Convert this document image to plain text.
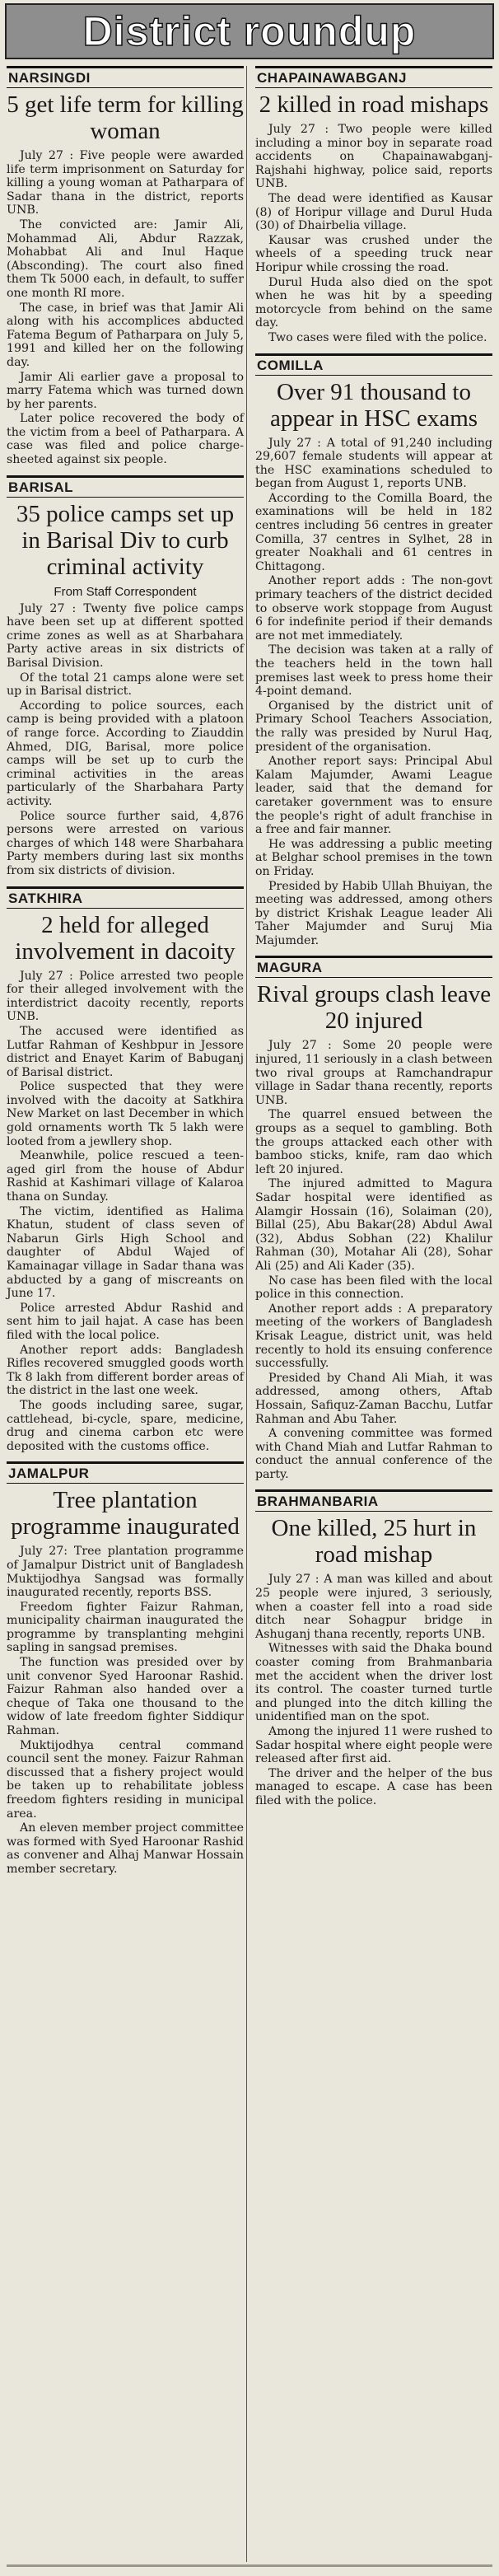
District roundup
NARSINGDI
5 get life term for killing woman

July 27 : Five people were awarded life term imprisonment on Saturday for killing a young woman at Patharpara of Sadar thana in the district, reports UNB.

The convicted are: Jamir Ali, Mohammad Ali, Abdur Razzak, Mohabbat Ali and Inul Haque (Absconding). The court also fined them Tk 5000 each, in default, to suffer one month RI more.

The case, in brief was that Jamir Ali along with his accomplices abducted Fatema Begum of Patharpara on July 5, 1991 and killed her on the following day.

Jamir Ali earlier gave a proposal to marry Fatema which was turned down by her parents.

Later police recovered the body of the victim from a beel of Patharpara. A case was filed and police charge-sheeted against six people.

BARISAL
35 police camps set up in Barisal Div to curb criminal activity
From Staff Correspondent

July 27 : Twenty five police camps have been set up at different spotted crime zones as well as at Sharbahara Party active areas in six districts of Barisal Division.

Of the total 21 camps alone were set up in Barisal district.

According to police sources, each camp is being provided with a platoon of range force. According to Ziauddin Ahmed, DIG, Barisal, more police camps will be set up to curb the criminal activities in the areas particularly of the Sharbahara Party activity.

Police source further said, 4,876 persons were arrested on various charges of which 148 were Sharbahara Party members during last six months from six districts of division.

SATKHIRA
2 held for alleged involvement in dacoity

July 27 : Police arrested two people for their alleged involvement with the interdistrict dacoity recently, reports UNB.

The accused were identified as Lutfar Rahman of Keshbpur in Jessore district and Enayet Karim of Babuganj of Barisal district.

Police suspected that they were involved with the dacoity at Satkhira New Market on last December in which gold ornaments worth Tk 5 lakh were looted from a jewllery shop.

Meanwhile, police rescued a teen-aged girl from the house of Abdur Rashid at Kashimari village of Kalaroa thana on Sunday.

The victim, identified as Halima Khatun, student of class seven of Nabarun Girls High School and daughter of Abdul Wajed of Kamainagar village in Sadar thana was abducted by a gang of miscreants on June 17.

Police arrested Abdur Rashid and sent him to jail hajat. A case has been filed with the local police.

Another report adds: Bangladesh Rifles recovered smuggled goods worth Tk 8 lakh from different border areas of the district in the last one week.

The goods including saree, sugar, cattlehead, bi-cycle, spare, medicine, drug and cinema carbon etc were deposited with the customs office.

JAMALPUR
Tree plantation programme inaugurated

July 27: Tree plantation programme of Jamalpur District unit of Bangladesh Muktijodhya Sangsad was formally inaugurated recently, reports BSS.

Freedom fighter Faizur Rahman, municipality chairman inaugurated the programme by transplanting mehgini sapling in sangsad premises.

The function was presided over by unit convenor Syed Haroonar Rashid. Faizur Rahman also handed over a cheque of Taka one thousand to the widow of late freedom fighter Siddiqur Rahman.

Muktijodhya central command council sent the money. Faizur Rahman discussed that a fishery project would be taken up to rehabilitate jobless freedom fighters residing in municipal area.

An eleven member project committee was formed with Syed Haroonar Rashid as convener and Alhaj Manwar Hossain member secretary.

CHAPAINAWABGANJ
2 killed in road mishaps

July 27 : Two people were killed including a minor boy in separate road accidents on Chapainawabganj-Rajshahi highway, police said, reports UNB.

The dead were identified as Kausar (8) of Horipur village and Durul Huda (30) of Dhairbelia village.

Kausar was crushed under the wheels of a speeding truck near Horipur while crossing the road.

Durul Huda also died on the spot when he was hit by a speeding motorcycle from behind on the same day.

Two cases were filed with the police.

COMILLA
Over 91 thousand to appear in HSC exams

July 27 : A total of 91,240 including 29,607 female students will appear at the HSC examinations scheduled to began from August 1, reports UNB.

According to the Comilla Board, the examinations will be held in 182 centres including 56 centres in greater Comilla, 37 centres in Sylhet, 28 in greater Noakhali and 61 centres in Chittagong.

Another report adds : The non-govt primary teachers of the district decided to observe work stoppage from August 6 for indefinite period if their demands are not met immediately.

The decision was taken at a rally of the teachers held in the town hall premises last week to press home their 4-point demand.

Organised by the district unit of Primary School Teachers Association, the rally was presided by Nurul Haq, president of the organisation.

Another report says: Principal Abul Kalam Majumder, Awami League leader, said that the demand for caretaker government was to ensure the people's right of adult franchise in a free and fair manner.

He was addressing a public meeting at Belghar school premises in the town on Friday.

Presided by Habib Ullah Bhuiyan, the meeting was addressed, among others by district Krishak League leader Ali Taher Majumder and Suruj Mia Majumder.

MAGURA
Rival groups clash leave 20 injured

July 27 : Some 20 people were injured, 11 seriously in a clash between two rival groups at Ramchandrapur village in Sadar thana recently, reports UNB.

The quarrel ensued between the groups as a sequel to gambling. Both the groups attacked each other with bamboo sticks, knife, ram dao which left 20 injured.

The injured admitted to Magura Sadar hospital were identified as Alamgir Hossain (16), Solaiman (20), Billal (25), Abu Bakar(28) Abdul Awal (32), Abdus Sobhan (22) Khalilur Rahman (30), Motahar Ali (28), Sohar Ali (25) and Ali Kader (35).

No case has been filed with the local police in this connection.

Another report adds : A preparatory meeting of the workers of Bangladesh Krisak League, district unit, was held recently to hold its ensuing conference successfully.

Presided by Chand Ali Miah, it was addressed, among others, Aftab Hossain, Safiquz-Zaman Bacchu, Lutfar Rahman and Abu Taher.

A convening committee was formed with Chand Miah and Lutfar Rahman to conduct the annual conference of the party.

BRAHMANBARIA
One killed, 25 hurt in road mishap

July 27 : A man was killed and about 25 people were injured, 3 seriously, when a coaster fell into a road side ditch near Sohagpur bridge in Ashuganj thana recently, reports UNB.

Witnesses with said the Dhaka bound coaster coming from Brahmanbaria met the accident when the driver lost its control. The coaster turned turtle and plunged into the ditch killing the unidentified man on the spot.

Among the injured 11 were rushed to Sadar hospital where eight people were released after first aid.

The driver and the helper of the bus managed to escape. A case has been filed with the police.
